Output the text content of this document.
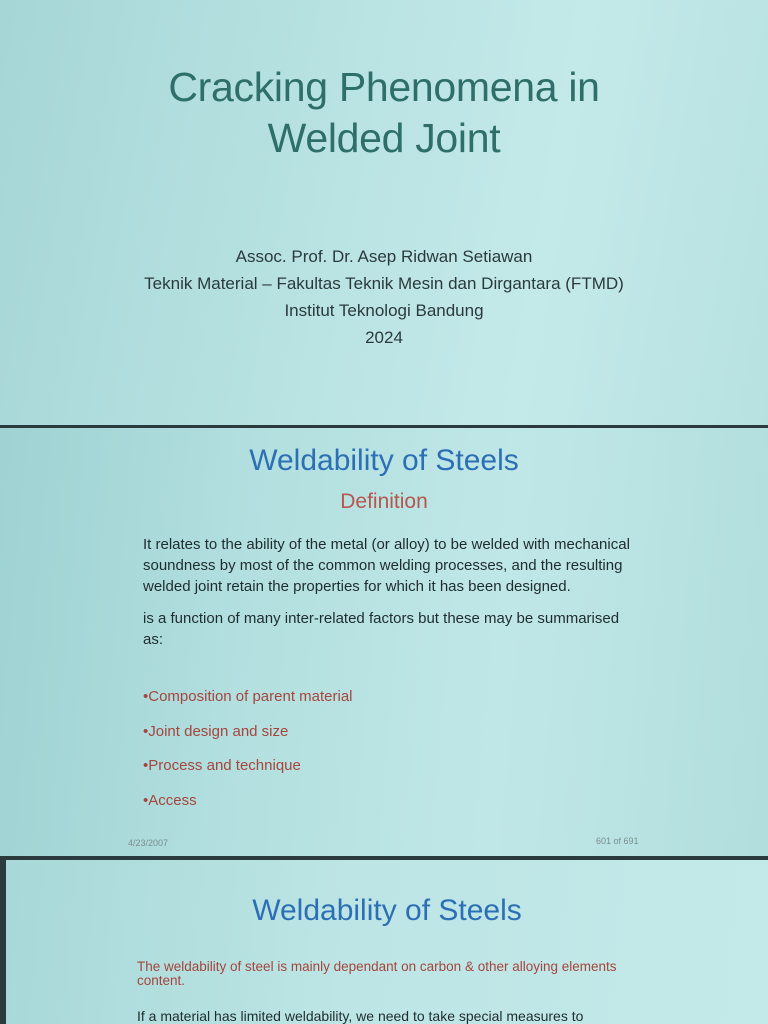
Cracking Phenomena in
Welded Joint
Assoc. Prof. Dr. Asep Ridwan Setiawan
Teknik Material – Fakultas Teknik Mesin dan Dirgantara (FTMD)
Institut Teknologi Bandung
2024
Weldability of Steels
Definition

It relates to the ability of the metal (or alloy) to be welded with mechanical soundness by most of the common welding processes, and the resulting welded joint retain the properties for which it has been designed.

is a function of many inter-related factors but these may be summarised as:

•Composition of parent material
•Joint design and size
•Process and technique
•Access
4/23/2007	601 of 691
Weldability of Steels
The weldability of steel is mainly dependant on carbon & other alloying elements content.
If a material has limited weldability, we need to take special measures to
